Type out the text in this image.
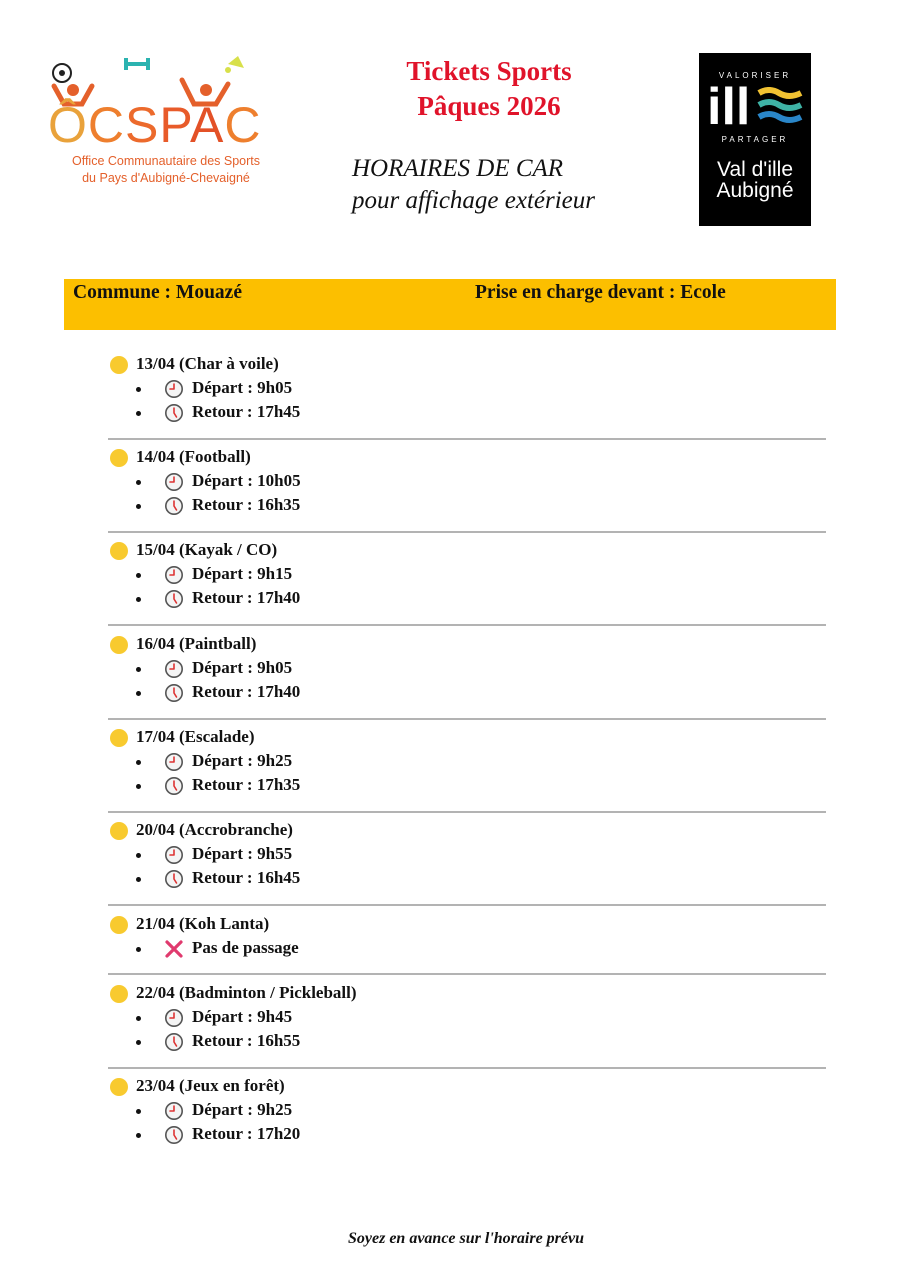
ÔCSPAC
Office Communautaire des Sports
du Pays d'Aubigné-Chevaigné
Tickets Sports
Pâques 2026
HORAIRES DE CAR
pour affichage extérieur
VALORISER
ill
PARTAGER
Val d'ille
Aubigné
Commune : Mouazé	Prise en charge devant : Ecole
13/04 (Char à voile)
Départ : 9h05
Retour : 17h45
14/04 (Football)
Départ : 10h05
Retour : 16h35
15/04 (Kayak / CO)
Départ : 9h15
Retour : 17h40
16/04 (Paintball)
Départ : 9h05
Retour : 17h40
17/04 (Escalade)
Départ : 9h25
Retour : 17h35
20/04 (Accrobranche)
Départ : 9h55
Retour : 16h45
21/04 (Koh Lanta)
Pas de passage
22/04 (Badminton / Pickleball)
Départ : 9h45
Retour : 16h55
23/04 (Jeux en forêt)
Départ : 9h25
Retour : 17h20
Soyez en avance sur l'horaire prévu
